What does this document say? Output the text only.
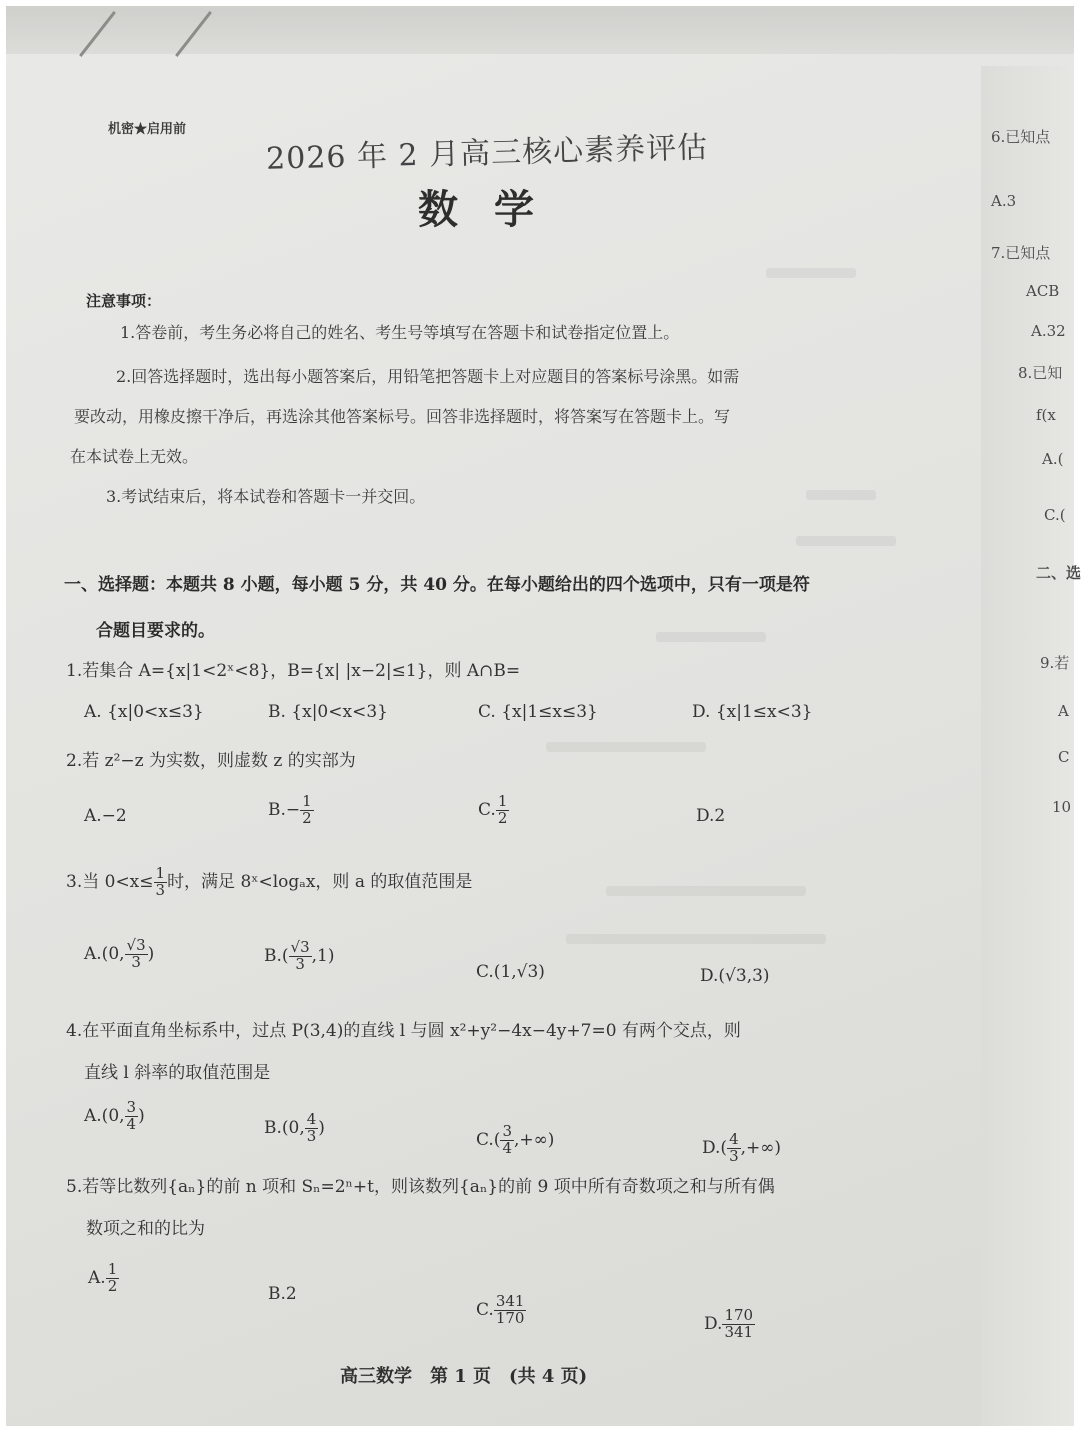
6.已知点
A.3
7.已知点
ACB
A.32
8.已知
f(x
A.(
C.(
二、选
9.若
A
C
10
机密★启用前
2026 年 2 月高三核心素养评估
数学
注意事项：
1.答卷前，考生务必将自己的姓名、考生号等填写在答题卡和试卷指定位置上。
2.回答选择题时，选出每小题答案后，用铅笔把答题卡上对应题目的答案标号涂黑。如需
要改动，用橡皮擦干净后，再选涂其他答案标号。回答非选择题时，将答案写在答题卡上。写
在本试卷上无效。
3.考试结束后，将本试卷和答题卡一并交回。
一、选择题：本题共 8 小题，每小题 5 分，共 40 分。在每小题给出的四个选项中，只有一项是符
合题目要求的。
1.若集合 A={x|1<2ˣ<8}，B={x| |x−2|≤1}，则 A∩B=
A. {x|0<x≤3}	B. {x|0<x<3}	C. {x|1≤x≤3}	D. {x|1≤x<3}
2.若 z²−z 为实数，则虚数 z 的实部为
A.−2	$B.- \frac{1}{2}$	C. $\frac{1}{2}$	D.2
3.当 $0<x\le \frac{1}{3}$ 时，满足 8ˣ<logₐx，则 a 的取值范围是
A.(0, $\frac{√3}{3}$ )	$B.( \frac{√3}{3} ,1)$
C.(1,√3)	D.(√3,3)
4.在平面直角坐标系中，过点 P(3,4)的直线 l 与圆 x²+y²−4x−4y+7=0 有两个交点，则
直线 l 斜率的取值范围是
A.(0, $\frac{3}{4}$ )
B.(0, $\frac{4}{3}$ )
$C.( \frac{3}{4}$ ,+∞)	$D.( \frac{4}{3}$ ,+∞)
5.若等比数列{aₙ}的前 n 项和 Sₙ=2ⁿ+t，则该数列{aₙ}的前 9 项中所有奇数项之和与所有偶
数项之和的比为
A. $\frac{1}{2}$	B.2
C. $\frac{341}{170}$	D. $\frac{170}{341}$
高三数学　第 1 页　(共 4 页)
